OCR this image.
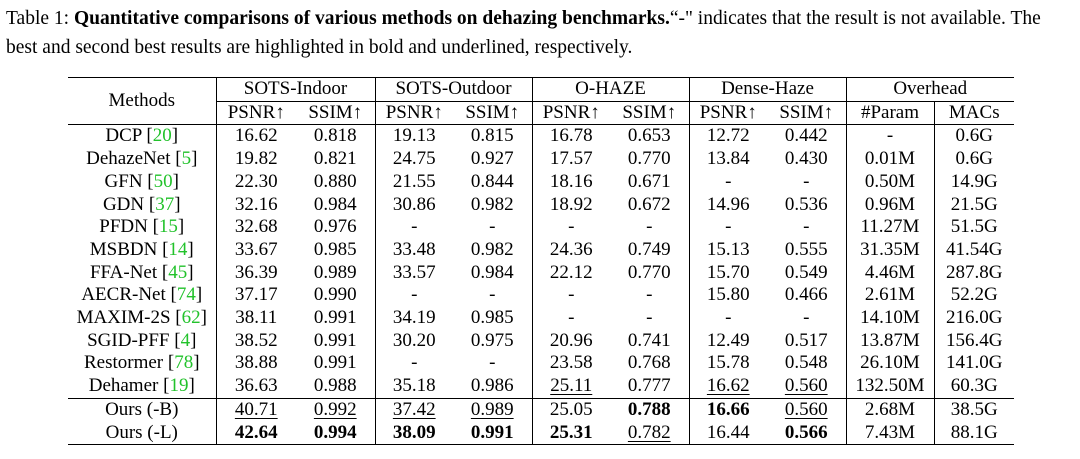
Table 1: Quantitative comparisons of various methods on dehazing benchmarks.“-" indicates that the result is not available. The best and second best results are highlighted in bold and underlined, respectively.
Methods	SOTS-Indoor		SOTS-Outdoor		O-HAZE		Dense-Haze		Overhead	
	PSNR↑	SSIM↑	PSNR↑	SSIM↑	PSNR↑	SSIM↑	PSNR↑	SSIM↑	#Param	MACs
DCP [20]	16.62	0.818	19.13	0.815	16.78	0.653	12.72	0.442	-	0.6G
DehazeNet [5]	19.82	0.821	24.75	0.927	17.57	0.770	13.84	0.430	0.01M	0.6G
GFN [50]	22.30	0.880	21.55	0.844	18.16	0.671	-	-	0.50M	14.9G
GDN [37]	32.16	0.984	30.86	0.982	18.92	0.672	14.96	0.536	0.96M	21.5G
PFDN [15]	32.68	0.976	-	-	-	-	-	-	11.27M	51.5G
MSBDN [14]	33.67	0.985	33.48	0.982	24.36	0.749	15.13	0.555	31.35M	41.54G
FFA-Net [45]	36.39	0.989	33.57	0.984	22.12	0.770	15.70	0.549	4.46M	287.8G
AECR-Net [74]	37.17	0.990	-	-	-	-	15.80	0.466	2.61M	52.2G
MAXIM-2S [62]	38.11	0.991	34.19	0.985	-	-	-	-	14.10M	216.0G
SGID-PFF [4]	38.52	0.991	30.20	0.975	20.96	0.741	12.49	0.517	13.87M	156.4G
Restormer [78]	38.88	0.991	-	-	23.58	0.768	15.78	0.548	26.10M	141.0G
Dehamer [19]	36.63	0.988	35.18	0.986	25.11	0.777	16.62	0.560	132.50M	60.3G
Ours (-B)	40.71	0.992	37.42	0.989	25.05	0.788	16.66	0.560	2.68M	38.5G
Ours (-L)	42.64	0.994	38.09	0.991	25.31	0.782	16.44	0.566	7.43M	88.1G
